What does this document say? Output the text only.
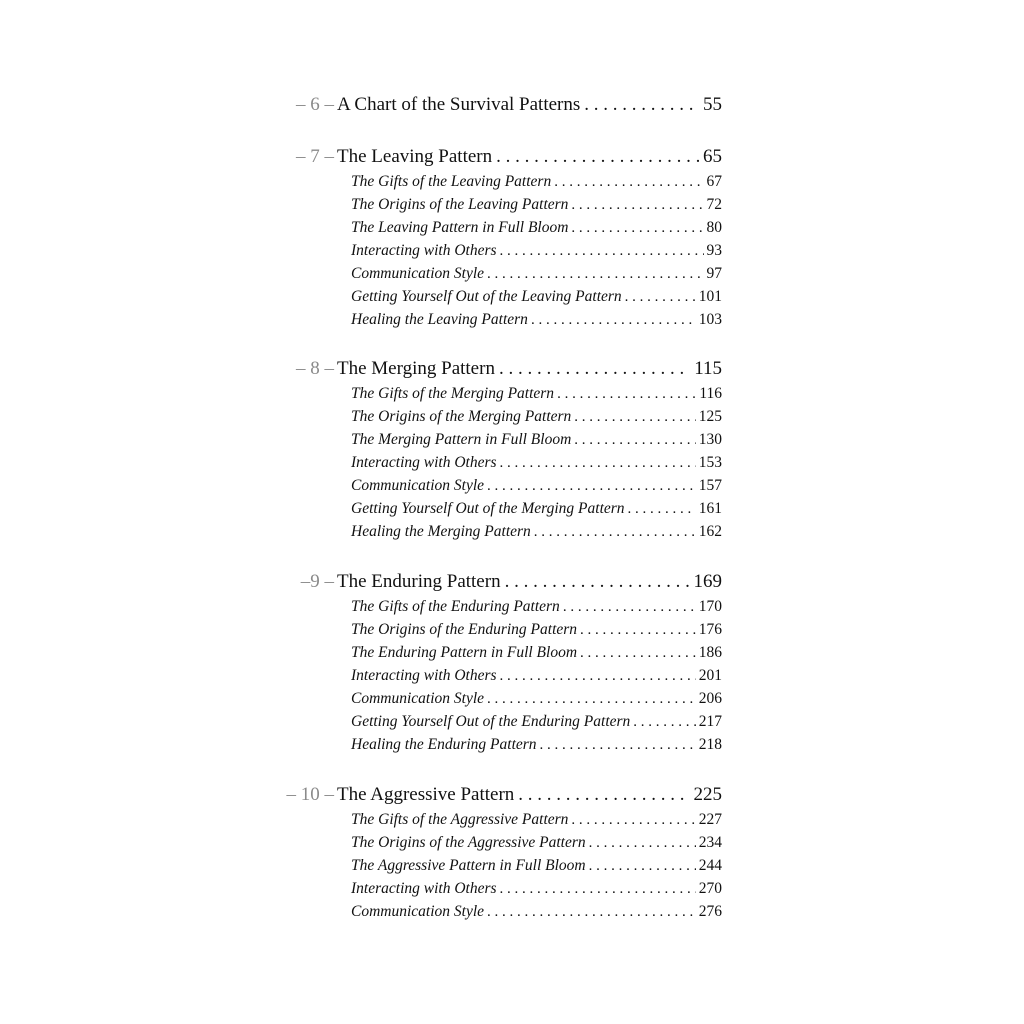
– 6 – A Chart of the Survival Patterns . . .	55
– 7 – The Leaving Pattern . . .	65
The Gifts of the Leaving Pattern . . .	67
The Origins of the Leaving Pattern . . .	72
The Leaving Pattern in Full Bloom . . .	80
Interacting with Others . . .	93
Communication Style . . .	97
Getting Yourself Out of the Leaving Pattern . . .	101
Healing the Leaving Pattern . . .	103
– 8 – The Merging Pattern . . .	115
The Gifts of the Merging Pattern . . .	116
The Origins of the Merging Pattern . . .	125
The Merging Pattern in Full Bloom . . .	130
Interacting with Others . . .	153
Communication Style . . .	157
Getting Yourself Out of the Merging Pattern . . .	161
Healing the Merging Pattern . . .	162
–9 – The Enduring Pattern . . .	169
The Gifts of the Enduring Pattern . . .	170
The Origins of the Enduring Pattern . . .	176
The Enduring Pattern in Full Bloom . . .	186
Interacting with Others . . .	201
Communication Style . . .	206
Getting Yourself Out of the Enduring Pattern . . .	217
Healing the Enduring Pattern . . .	218
– 10 – The Aggressive Pattern . . .	225
The Gifts of the Aggressive Pattern . . .	227
The Origins of the Aggressive Pattern . . .	234
The Aggressive Pattern in Full Bloom . . .	244
Interacting with Others . . .	270
Communication Style . . .	276
